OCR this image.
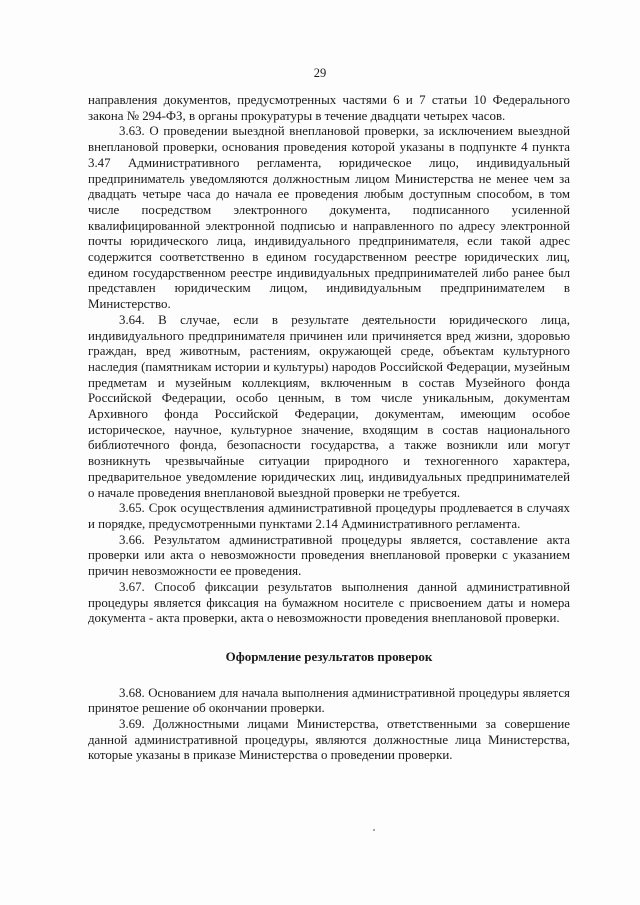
29

направления документов, предусмотренных частями 6 и 7 статьи 10 Федерального закона № 294-ФЗ, в органы прокуратуры в течение двадцати четырех часов.

3.63. О проведении выездной внеплановой проверки, за исключением выездной внеплановой проверки, основания проведения которой указаны в подпункте 4 пункта 3.47 Административного регламента, юридическое лицо, индивидуальный предприниматель уведомляются должностным лицом Министерства не менее чем за двадцать четыре часа до начала ее проведения любым доступным способом, в том числе посредством электронного документа, подписанного усиленной квалифицированной электронной подписью и направленного по адресу электронной почты юридического лица, индивидуального предпринимателя, если такой адрес содержится соответственно в едином государственном реестре юридических лиц, едином государственном реестре индивидуальных предпринимателей либо ранее был представлен юридическим лицом, индивидуальным предпринимателем в Министерство.

3.64. В случае, если в результате деятельности юридического лица, индивидуального предпринимателя причинен или причиняется вред жизни, здоровью граждан, вред животным, растениям, окружающей среде, объектам культурного наследия (памятникам истории и культуры) народов Российской Федерации, музейным предметам и музейным коллекциям, включенным в состав Музейного фонда Российской Федерации, особо ценным, в том числе уникальным, документам Архивного фонда Российской Федерации, документам, имеющим особое историческое, научное, культурное значение, входящим в состав национального библиотечного фонда, безопасности государства, а также возникли или могут возникнуть чрезвычайные ситуации природного и техногенного характера, предварительное уведомление юридических лиц, индивидуальных предпринимателей о начале проведения внеплановой выездной проверки не требуется.

3.65. Срок осуществления административной процедуры продлевается в случаях и порядке, предусмотренными пунктами 2.14 Административного регламента.

3.66. Результатом административной процедуры является, составление акта проверки или акта о невозможности проведения внеплановой проверки с указанием причин невозможности ее проведения.

3.67. Способ фиксации результатов выполнения данной административной процедуры является фиксация на бумажном носителе с присвоением даты и номера документа - акта проверки, акта о невозможности проведения внеплановой проверки.

Оформление результатов проверок

3.68. Основанием для начала выполнения административной процедуры является принятое решение об окончании проверки.

3.69. Должностными лицами Министерства, ответственными за совершение данной административной процедуры, являются должностные лица Министерства, которые указаны в приказе Министерства о проведении проверки.
